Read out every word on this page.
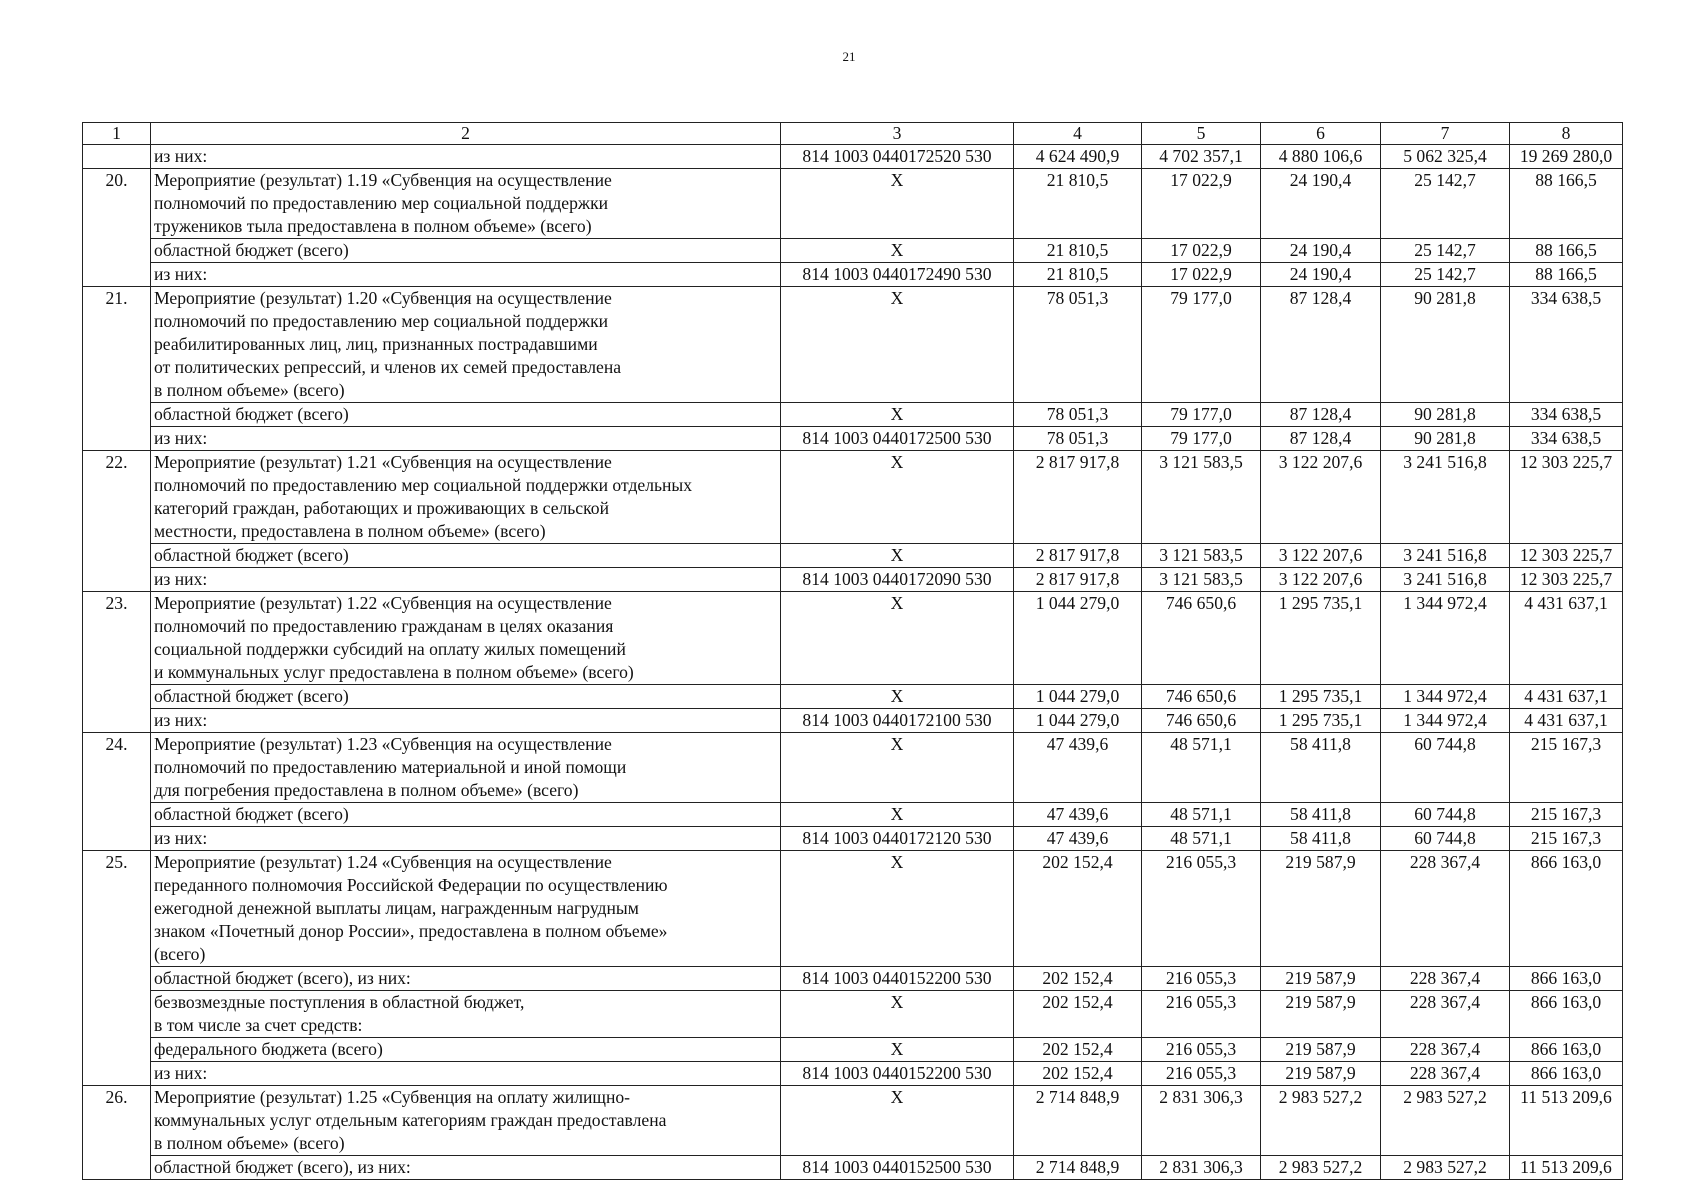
21
1	2	3	4	5	6	7	8

	из них:	814 1003 0440172520 530	4 624 490,9	4 702 357,1	4 880 106,6	5 062 325,4	19 269 280,0
20.	Мероприятие (результат) 1.19 «Субвенция на осуществление
полномочий по предоставлению мер социальной поддержки
тружеников тыла предоставлена в полном объеме» (всего)	Х	21 810,5	17 022,9	24 190,4	25 142,7	88 166,5

	областной бюджет (всего)	Х	21 810,5	17 022,9	24 190,4	25 142,7	88 166,5

	из них:	814 1003 0440172490 530	21 810,5	17 022,9	24 190,4	25 142,7	88 166,5
21.	Мероприятие (результат) 1.20 «Субвенция на осуществление
полномочий по предоставлению мер социальной поддержки
реабилитированных лиц, лиц, признанных пострадавшими
от политических репрессий, и членов их семей предоставлена
в полном объеме» (всего)	Х	78 051,3	79 177,0	87 128,4	90 281,8	334 638,5

	областной бюджет (всего)	Х	78 051,3	79 177,0	87 128,4	90 281,8	334 638,5

	из них:	814 1003 0440172500 530	78 051,3	79 177,0	87 128,4	90 281,8	334 638,5
22.	Мероприятие (результат) 1.21 «Субвенция на осуществление
полномочий по предоставлению мер социальной поддержки отдельных
категорий граждан, работающих и проживающих в сельской
местности, предоставлена в полном объеме» (всего)	Х	2 817 917,8	3 121 583,5	3 122 207,6	3 241 516,8	12 303 225,7

	областной бюджет (всего)	Х	2 817 917,8	3 121 583,5	3 122 207,6	3 241 516,8	12 303 225,7

	из них:	814 1003 0440172090 530	2 817 917,8	3 121 583,5	3 122 207,6	3 241 516,8	12 303 225,7
23.	Мероприятие (результат) 1.22 «Субвенция на осуществление
полномочий по предоставлению гражданам в целях оказания
социальной поддержки субсидий на оплату жилых помещений
и коммунальных услуг предоставлена в полном объеме» (всего)	Х	1 044 279,0	746 650,6	1 295 735,1	1 344 972,4	4 431 637,1

	областной бюджет (всего)	Х	1 044 279,0	746 650,6	1 295 735,1	1 344 972,4	4 431 637,1

	из них:	814 1003 0440172100 530	1 044 279,0	746 650,6	1 295 735,1	1 344 972,4	4 431 637,1
24.	Мероприятие (результат) 1.23 «Субвенция на осуществление
полномочий по предоставлению материальной и иной помощи
для погребения предоставлена в полном объеме» (всего)	Х	47 439,6	48 571,1	58 411,8	60 744,8	215 167,3

	областной бюджет (всего)	Х	47 439,6	48 571,1	58 411,8	60 744,8	215 167,3

	из них:	814 1003 0440172120 530	47 439,6	48 571,1	58 411,8	60 744,8	215 167,3
25.	Мероприятие (результат) 1.24 «Субвенция на осуществление
переданного полномочия Российской Федерации по осуществлению
ежегодной денежной выплаты лицам, награжденным нагрудным
знаком «Почетный донор России», предоставлена в полном объеме»
(всего)	Х	202 152,4	216 055,3	219 587,9	228 367,4	866 163,0

	областной бюджет (всего), из них:	814 1003 0440152200 530	202 152,4	216 055,3	219 587,9	228 367,4	866 163,0

	безвозмездные поступления в областной бюджет,
в том числе за счет средств:	Х	202 152,4	216 055,3	219 587,9	228 367,4	866 163,0

	федерального бюджета (всего)	Х	202 152,4	216 055,3	219 587,9	228 367,4	866 163,0

	из них:	814 1003 0440152200 530	202 152,4	216 055,3	219 587,9	228 367,4	866 163,0
26.	Мероприятие (результат) 1.25 «Субвенция на оплату жилищно-
коммунальных услуг отдельным категориям граждан предоставлена
в полном объеме» (всего)	Х	2 714 848,9	2 831 306,3	2 983 527,2	2 983 527,2	11 513 209,6

	областной бюджет (всего), из них:	814 1003 0440152500 530	2 714 848,9	2 831 306,3	2 983 527,2	2 983 527,2	11 513 209,6
